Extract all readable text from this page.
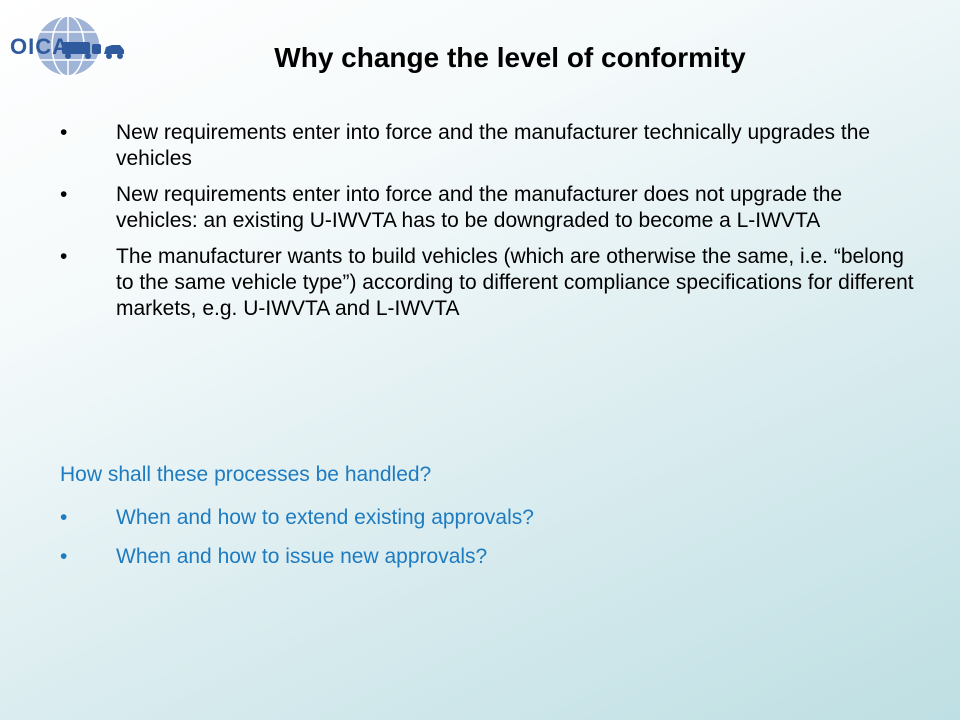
OICA	Why change the level of conformity
• New requirements enter into force and the manufacturer technically upgrades the vehicles
• New requirements enter into force and the manufacturer does not upgrade the vehicles: an existing U-IWVTA has to be downgraded to become a L-IWVTA
• The manufacturer wants to build vehicles (which are otherwise the same, i.e. “belong to the same vehicle type”) according to different compliance specifications for different markets, e.g. U-IWVTA and L-IWVTA
How shall these processes be handled?
• When and how to extend existing approvals?
• When and how to issue new approvals?
